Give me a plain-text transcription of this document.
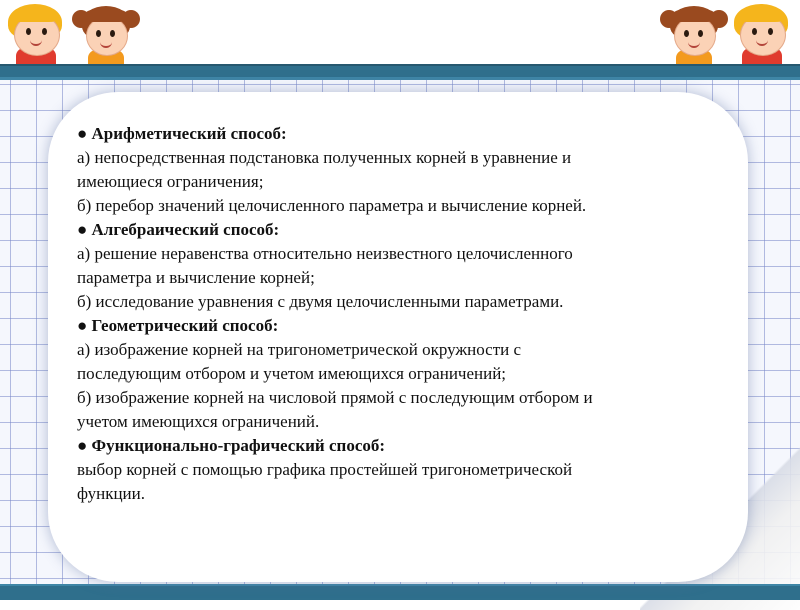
● Арифметический способ:
а) непосредственная подстановка полученных корней в уравнение и
имеющиеся ограничения;
б) перебор значений целочисленного параметра и вычисление корней.
● Алгебраический способ:
а) решение неравенства относительно неизвестного целочисленного
параметра и вычисление корней;
б) исследование уравнения с двумя целочисленными параметрами.
● Геометрический способ:
а) изображение корней на тригонометрической окружности с
последующим отбором и учетом имеющихся ограничений;
б) изображение корней на числовой прямой с последующим отбором и
учетом имеющихся ограничений.
● Функционально-графический способ:
выбор корней с помощью графика простейшей тригонометрической
функции.
